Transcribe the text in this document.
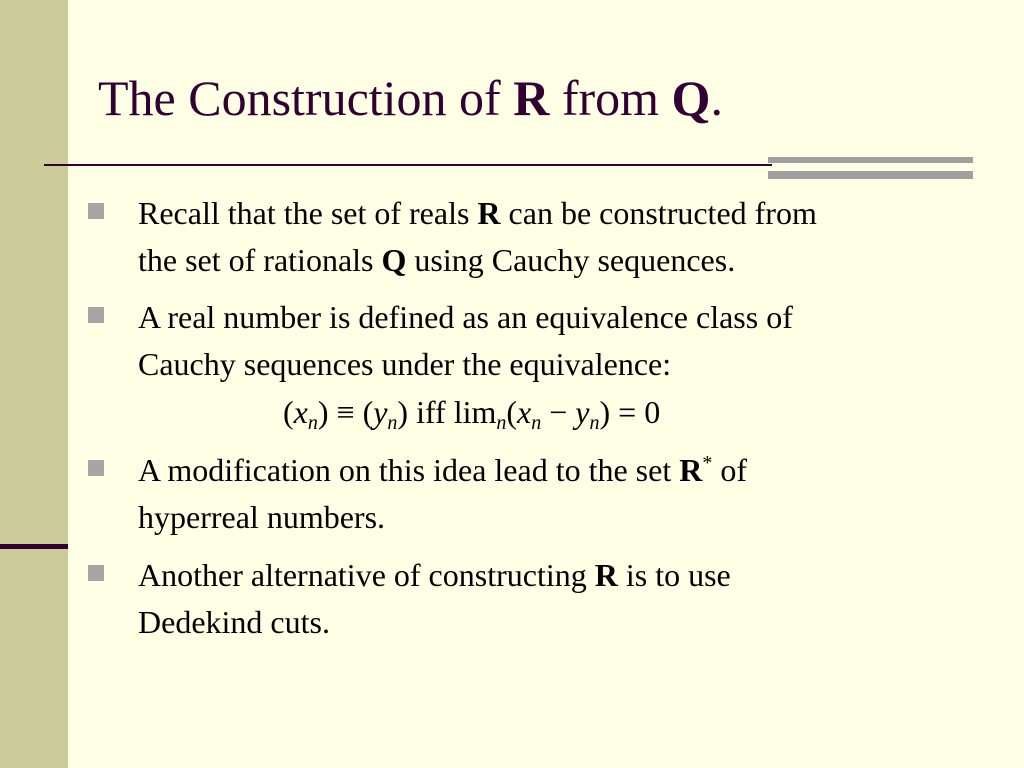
The Construction of R from Q.
Recall that the set of reals R can be constructed from
the set of rationals Q using Cauchy sequences.
A real number is defined as an equivalence class of
Cauchy sequences under the equivalence:
$(x_n) \equiv (y_n)$ iff $\lim_n(x_n - y_n) = 0$
A modification on this idea lead to the set R* of
hyperreal numbers.
Another alternative of constructing R is to use
Dedekind cuts.
